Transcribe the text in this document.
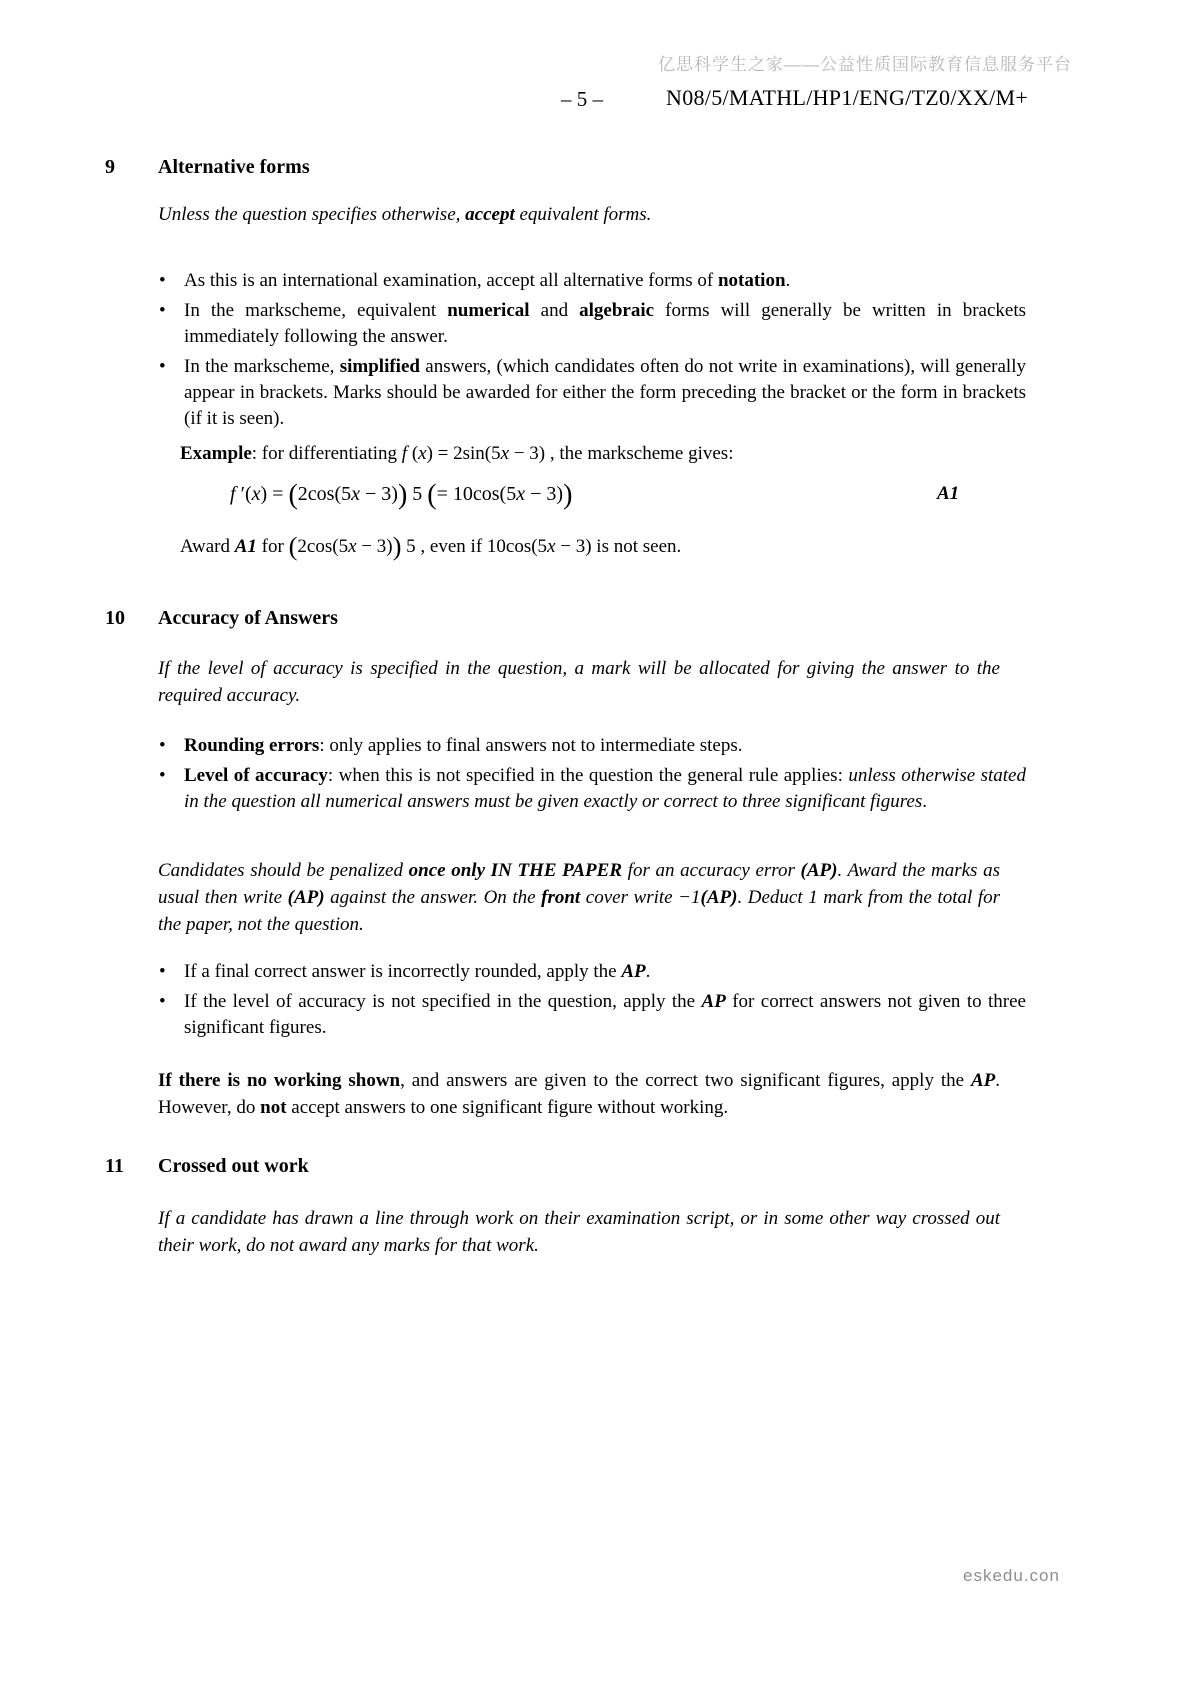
亿思科学生之家——公益性质国际教育信息服务平台
– 5 –	N08/5/MATHL/HP1/ENG/TZ0/XX/M+
9 Alternative forms
Unless the question specifies otherwise, accept equivalent forms.
• As this is an international examination, accept all alternative forms of notation.
• In the markscheme, equivalent numerical and algebraic forms will generally be written in brackets immediately following the answer.
• In the markscheme, simplified answers, (which candidates often do not write in examinations), will generally appear in brackets. Marks should be awarded for either the form preceding the bracket or the form in brackets (if it is seen).
Example: for differentiating f (x) = 2sin(5x − 3) , the markscheme gives:
f ′(x) = (2cos(5x − 3)) 5 (= 10cos(5x − 3))	A1
Award A1 for (2cos(5x − 3)) 5 , even if 10cos(5x − 3) is not seen.
10 Accuracy of Answers
If the level of accuracy is specified in the question, a mark will be allocated for giving the answer to the required accuracy.
• Rounding errors: only applies to final answers not to intermediate steps.
• Level of accuracy: when this is not specified in the question the general rule applies: unless otherwise stated in the question all numerical answers must be given exactly or correct to three significant figures.
Candidates should be penalized once only IN THE PAPER for an accuracy error (AP). Award the marks as usual then write (AP) against the answer. On the front cover write −1(AP). Deduct 1 mark from the total for the paper, not the question.
• If a final correct answer is incorrectly rounded, apply the AP.
• If the level of accuracy is not specified in the question, apply the AP for correct answers not given to three significant figures.
If there is no working shown, and answers are given to the correct two significant figures, apply the AP. However, do not accept answers to one significant figure without working.
11 Crossed out work
If a candidate has drawn a line through work on their examination script, or in some other way crossed out their work, do not award any marks for that work.
eskedu.con
